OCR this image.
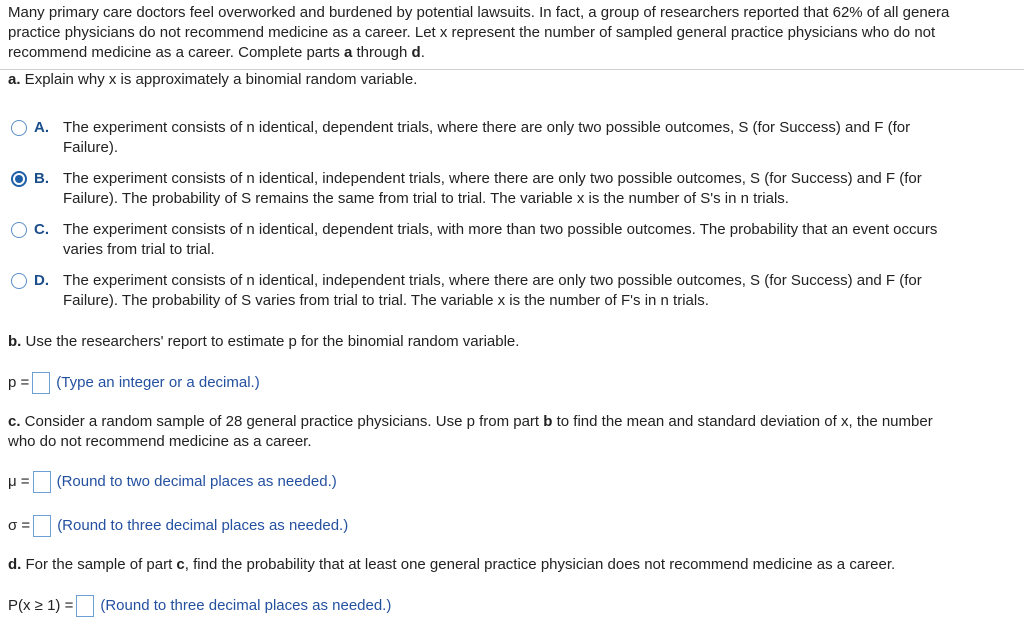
Many primary care doctors feel overworked and burdened by potential lawsuits. In fact, a group of researchers reported that 62% of all genera
practice physicians do not recommend medicine as a career. Let x represent the number of sampled general practice physicians who do not
recommend medicine as a career. Complete parts a through d.
a. Explain why x is approximately a binomial random variable.
A. The experiment consists of n identical, dependent trials, where there are only two possible outcomes, S (for Success) and F (for
Failure).
B. The experiment consists of n identical, independent trials, where there are only two possible outcomes, S (for Success) and F (for
Failure). The probability of S remains the same from trial to trial. The variable x is the number of S's in n trials.
C. The experiment consists of n identical, dependent trials, with more than two possible outcomes. The probability that an event occurs
varies from trial to trial.
D. The experiment consists of n identical, independent trials, where there are only two possible outcomes, S (for Success) and F (for
Failure). The probability of S varies from trial to trial. The variable x is the number of F's in n trials.
b. Use the researchers' report to estimate p for the binomial random variable.
p = (Type an integer or a decimal.)
c. Consider a random sample of 28 general practice physicians. Use p from part b to find the mean and standard deviation of x, the number
who do not recommend medicine as a career.
μ = (Round to two decimal places as needed.)
σ = (Round to three decimal places as needed.)
d. For the sample of part c, find the probability that at least one general practice physician does not recommend medicine as a career.
P(x ≥ 1) = (Round to three decimal places as needed.)
